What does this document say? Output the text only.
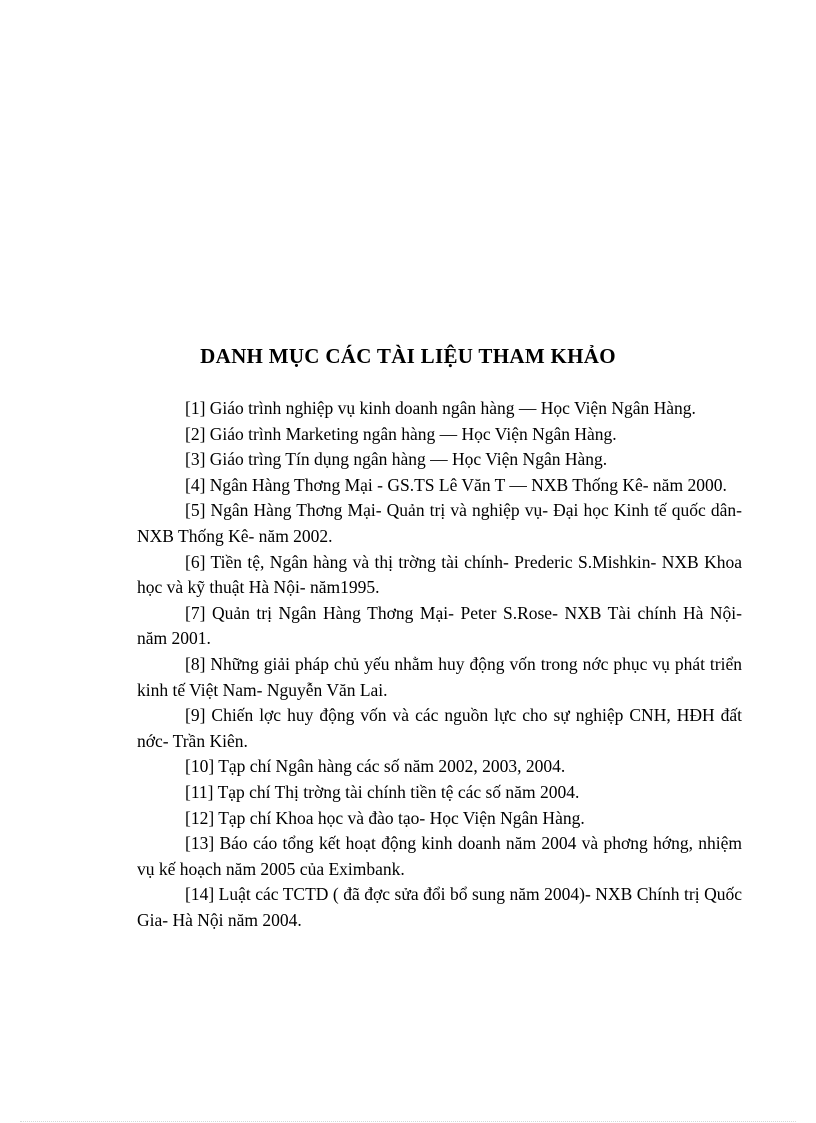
DANH MỤC CÁC TÀI LIỆU THAM KHẢO
[1] Giáo trình nghiệp vụ kinh doanh ngân hàng — Học Viện Ngân Hàng.
[2] Giáo trình Marketing ngân hàng — Học Viện Ngân Hàng.
[3] Giáo trìng Tín dụng ngân hàng — Học Viện Ngân Hàng.
[4] Ngân Hàng Thơng Mại - GS.TS Lê Văn T — NXB Thống Kê- năm 2000.
[5] Ngân Hàng Thơng Mại- Quản trị và nghiệp vụ- Đại học Kinh tế quốc dân- NXB Thống Kê- năm 2002.
[6] Tiền tệ, Ngân hàng và thị trờng tài chính- Prederic S.Mishkin- NXB Khoa học và kỹ thuật Hà Nội- năm1995.
[7] Quản trị Ngân Hàng Thơng Mại- Peter S.Rose- NXB Tài chính Hà Nội- năm 2001.
[8] Những giải pháp chủ yếu nhằm huy động vốn trong nớc phục vụ phát triển kinh tế Việt Nam- Nguyễn Văn Lai.
[9] Chiến lợc huy động vốn và các nguồn lực cho sự nghiệp CNH, HĐH đất nớc- Trần Kiên.
[10] Tạp chí Ngân hàng các số năm 2002, 2003, 2004.
[11] Tạp chí Thị trờng tài chính tiền tệ các số năm 2004.
[12] Tạp chí Khoa học và đào tạo- Học Viện Ngân Hàng.
[13] Báo cáo tổng kết hoạt động kinh doanh năm 2004 và phơng hớng, nhiệm vụ kế hoạch năm 2005 của Eximbank.
[14] Luật các TCTD ( đã đợc sửa đổi bổ sung năm 2004)- NXB Chính trị Quốc Gia- Hà Nội năm 2004.
